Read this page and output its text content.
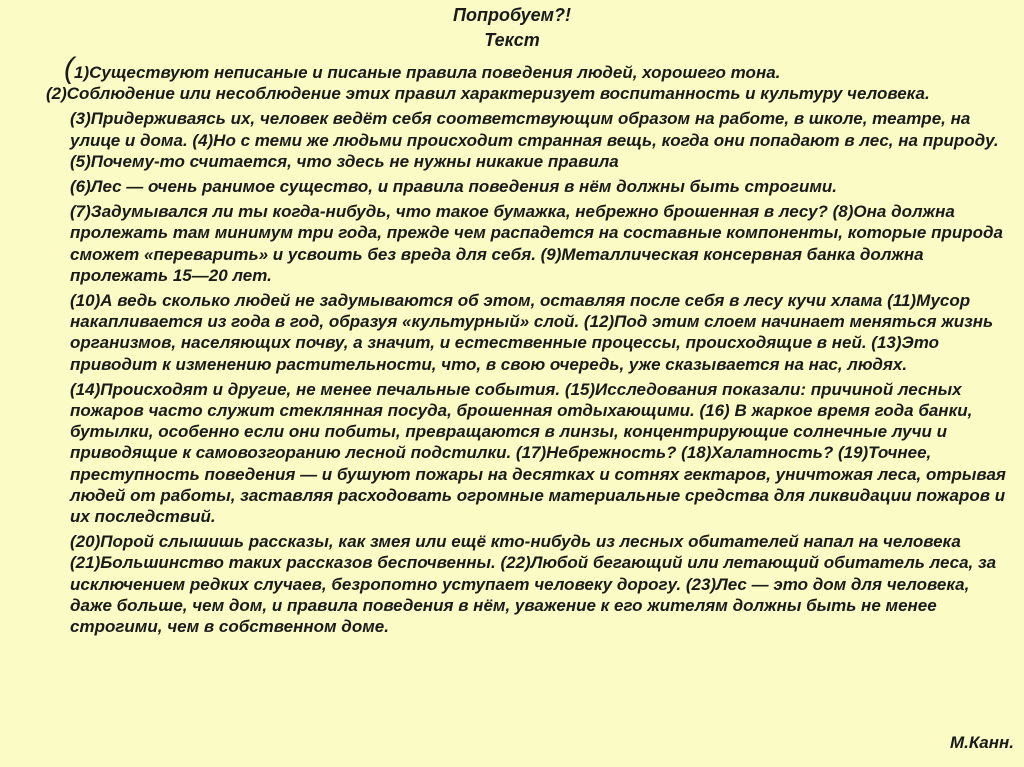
Попробуем?!
Текст

(1)Существуют неписаные и писаные правила поведения людей, хорошего тона.
(2)Соблюдение или несоблюдение этих правил характеризует воспитанность и культуру человека.

(3)Придерживаясь их, человек ведёт себя соответствующим образом на работе, в школе, театре, на улице и дома. (4)Но с теми же людьми происходит странная вещь, когда они попадают в лес, на природу. (5)Почему-то считается, что здесь не нужны никакие правила

(6)Лес — очень ранимое существо, и правила поведения в нём должны быть строгими.

(7)Задумывался ли ты когда-нибудь, что такое бумажка, небрежно брошенная в лесу? (8)Она должна пролежать там минимум три года, прежде чем распадется на составные компоненты, которые природа сможет «переварить» и усвоить без вреда для себя. (9)Металлическая консервная банка должна пролежать 15—20 лет.

(10)А ведь сколько людей не задумываются об этом, оставляя после себя в лесу кучи хлама (11)Мусор накапливается из года в год, образуя «культурный» слой. (12)Под этим слоем начинает меняться жизнь организмов, населяющих почву, а значит, и естественные процессы, происходящие в ней. (13)Это приводит к изменению растительности, что, в свою очередь, уже сказывается на нас, людях.

(14)Происходят и другие, не менее печальные события. (15)Исследования показали: причиной лесных пожаров часто служит стеклянная посуда, брошенная отдыхающими. (16) В жаркое время года банки, бутылки, особенно если они побиты, превращаются в линзы, концентрирующие солнечные лучи и приводящие к самовозгоранию лесной подстилки. (17)Небрежность? (18)Халатность? (19)Точнее, преступность поведения — и бушуют пожары на десятках и сотнях гектаров, уничтожая леса, отрывая людей от работы, заставляя расходовать огромные материальные средства для ликвидации пожаров и их последствий.

(20)Порой слышишь рассказы, как змея или ещё кто-нибудь из лесных обитателей напал на человека (21)Большинство таких рассказов беспочвенны. (22)Любой бегающий или летающий обитатель леса, за исключением редких случаев, безропотно уступает человеку дорогу. (23)Лес — это дом для человека, даже больше, чем дом, и правила поведения в нём, уважение к его жителям должны быть не менее строгими, чем в собственном доме.

М.Канн.
